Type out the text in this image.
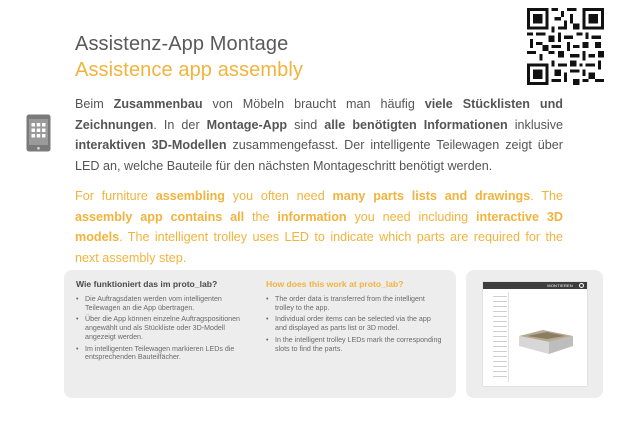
Assistenz-App Montage
Assistence app assembly

Beim Zusammenbau von Möbeln braucht man häufig viele Stücklisten und Zeichnungen. In der Montage-App sind alle benötigten Informationen inklusive interaktiven 3D-Modellen zusammengefasst. Der intelligente Teilewagen zeigt über LED an, welche Bauteile für den nächsten Montageschritt benötigt werden.

For furniture assembling you often need many parts lists and drawings. The assembly app contains all the information you need including interactive 3D models. The intelligent trolley uses LED to indicate which parts are required for the next assembly step.

Wie funktioniert das im proto_lab?
• Die Auftragsdaten werden vom intelligenten Teilewagen an die App übertragen.
• Über die App können einzelne Auftragspositionen angewählt und als Stückliste oder 3D-Modell angezeigt werden.
• Im intelligenten Teilewagen markieren LEDs die entsprechenden Bauteilfächer.
How does this work at proto_lab?
• The order data is transferred from the intelligent trolley to the app.
• Individual order items can be selected via the app and displayed as parts list or 3D model.
• In the intelligent trolley LEDs mark the corresponding slots to find the parts.
MONTIEREN
